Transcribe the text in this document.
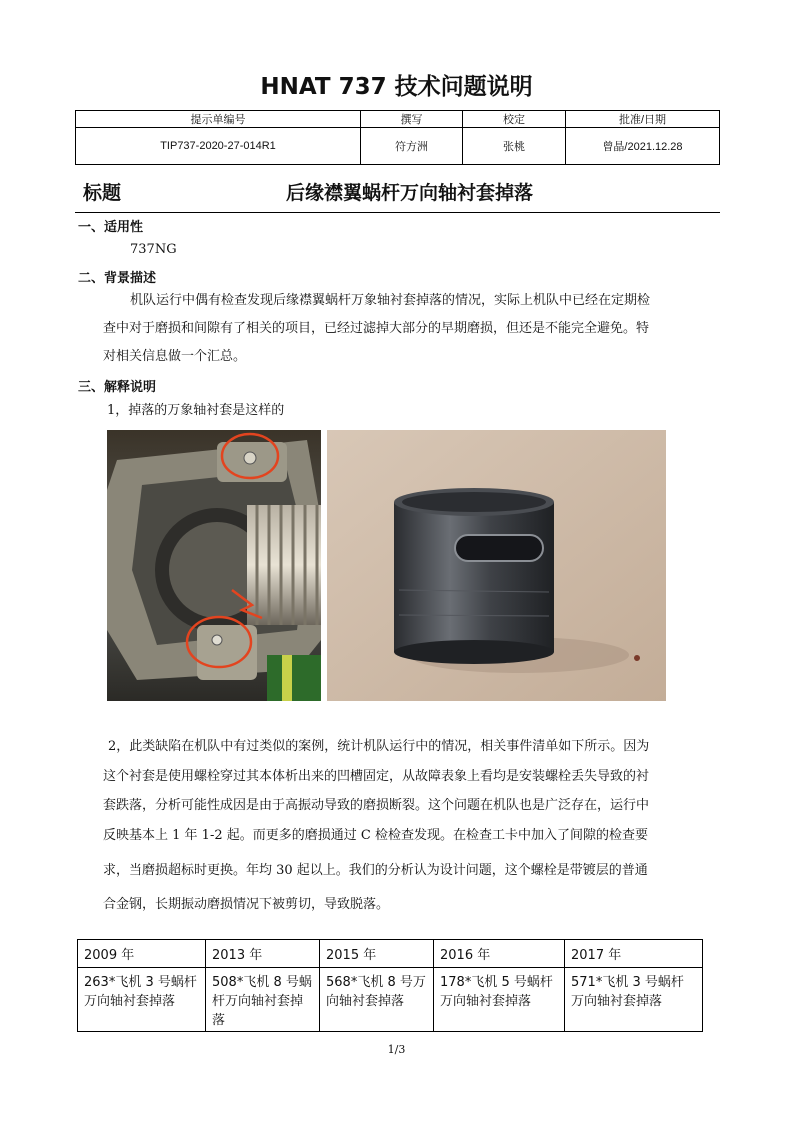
HNAT 737 技术问题说明
提示单编号	撰写	校定	批准/日期
TIP737-2020-27-014R1	符方洲	张桃	曾晶/2021.12.28
标题	后缘襟翼蜗杆万向轴衬套掉落
一、适用性
737NG
二、背景描述
机队运行中偶有检查发现后缘襟翼蜗杆万象轴衬套掉落的情况，实际上机队中已经在定期检
查中对于磨损和间隙有了相关的项目，已经过滤掉大部分的早期磨损，但还是不能完全避免。特
对相关信息做一个汇总。
三、解释说明
1，掉落的万象轴衬套是这样的
2，此类缺陷在机队中有过类似的案例，统计机队运行中的情况，相关事件清单如下所示。因为
这个衬套是使用螺栓穿过其本体析出来的凹槽固定，从故障表象上看均是安装螺栓丢失导致的衬
套跌落，分析可能性成因是由于高振动导致的磨损断裂。这个问题在机队也是广泛存在，运行中
反映基本上 1 年 1-2 起。而更多的磨损通过 C 检检查发现。在检查工卡中加入了间隙的检查要
求，当磨损超标时更换。年均 30 起以上。我们的分析认为设计问题，这个螺栓是带镀层的普通
合金钢，长期振动磨损情况下被剪切，导致脱落。
2009 年	2013 年	2015 年	2016 年	2017 年
263*飞机 3 号蜗杆万向轴衬套掉落	508*飞机 8 号蜗杆万向轴衬套掉落	568*飞机 8 号万向轴衬套掉落	178*飞机 5 号蜗杆万向轴衬套掉落	571*飞机 3 号蜗杆万向轴衬套掉落
1/3
